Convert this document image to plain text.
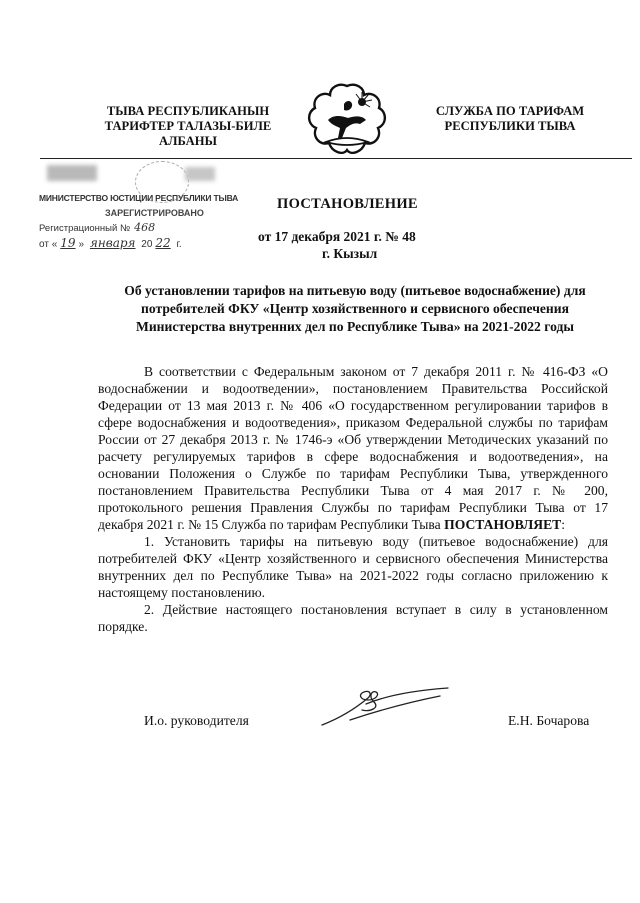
ТЫВА РЕСПУБЛИКАНЫН ТАРИФТЕР ТАЛАЗЫ-БИЛЕ АЛБАНЫ
СЛУЖБА ПО ТАРИФАМ РЕСПУБЛИКИ ТЫВА
МИНИСТЕРСТВО ЮСТИЦИИ РЕСПУБЛИКИ ТЫВА
ЗАРЕГИСТРИРОВАНО
Регистрационный № 468
от « 19 » января 20 22 г.
ПОСТАНОВЛЕНИЕ
от 17 декабря 2021 г. № 48
г. Кызыл
Об установлении тарифов на питьевую воду (питьевое водоснабжение) для потребителей ФКУ «Центр хозяйственного и сервисного обеспечения Министерства внутренних дел по Республике Тыва» на 2021-2022 годы

В соответствии с Федеральным законом от 7 декабря 2011 г. № 416-ФЗ «О водоснабжении и водоотведении», постановлением Правительства Российской Федерации от 13 мая 2013 г. № 406 «О государственном регулировании тарифов в сфере водоснабжения и водоотведения», приказом Федеральной службы по тарифам России от 27 декабря 2013 г. № 1746-э «Об утверждении Методических указаний по расчету регулируемых тарифов в сфере водоснабжения и водоотведения», на основании Положения о Службе по тарифам Республики Тыва, утвержденного постановлением Правительства Республики Тыва от 4 мая 2017 г. № 200, протокольного решения Правления Службы по тарифам Республики Тыва от 17 декабря 2021 г. № 15 Служба по тарифам Республики Тыва ПОСТАНОВЛЯЕТ:

1. Установить тарифы на питьевую воду (питьевое водоснабжение) для потребителей ФКУ «Центр хозяйственного и сервисного обеспечения Министерства внутренних дел по Республике Тыва» на 2021-2022 годы согласно приложению к настоящему постановлению.

2. Действие настоящего постановления вступает в силу в установленном порядке.

И.о. руководителя	Е.Н. Бочарова
